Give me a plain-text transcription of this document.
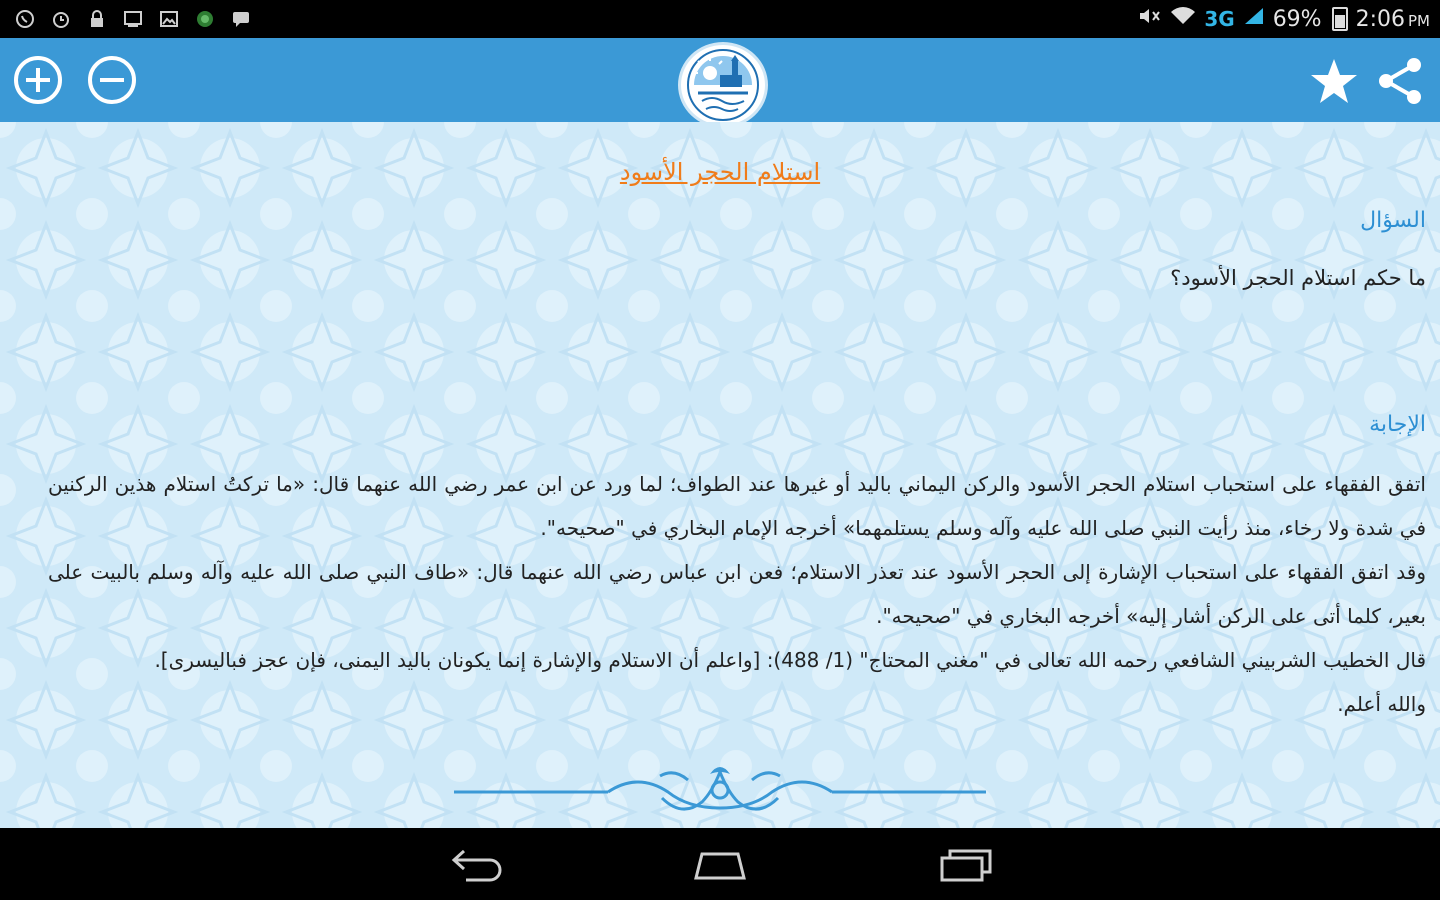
3G 69% 2:06 PM
استلام الحجر الأسود
السؤال
ما حكم استلام الحجر الأسود؟
الإجابة

اتفق الفقهاء على استحباب استلام الحجر الأسود والركن اليماني باليد أو غيرها عند الطواف؛ لما ورد عن ابن عمر رضي الله عنهما قال: «ما تركتُ استلام هذين الركنين في شدة ولا رخاء، منذ رأيت النبي صلى الله عليه وآله وسلم يستلمهما» أخرجه الإمام البخاري في "صحيحه".

وقد اتفق الفقهاء على استحباب الإشارة إلى الحجر الأسود عند تعذر الاستلام؛ فعن ابن عباس رضي الله عنهما قال: «طاف النبي صلى الله عليه وآله وسلم بالبيت على بعير، كلما أتى على الركن أشار إليه» أخرجه البخاري في "صحيحه".

قال الخطيب الشربيني الشافعي رحمه الله تعالى في "مغني المحتاج" (1/ 488): [واعلم أن الاستلام والإشارة إنما يكونان باليد اليمنى، فإن عجز فباليسرى].

والله أعلم.
